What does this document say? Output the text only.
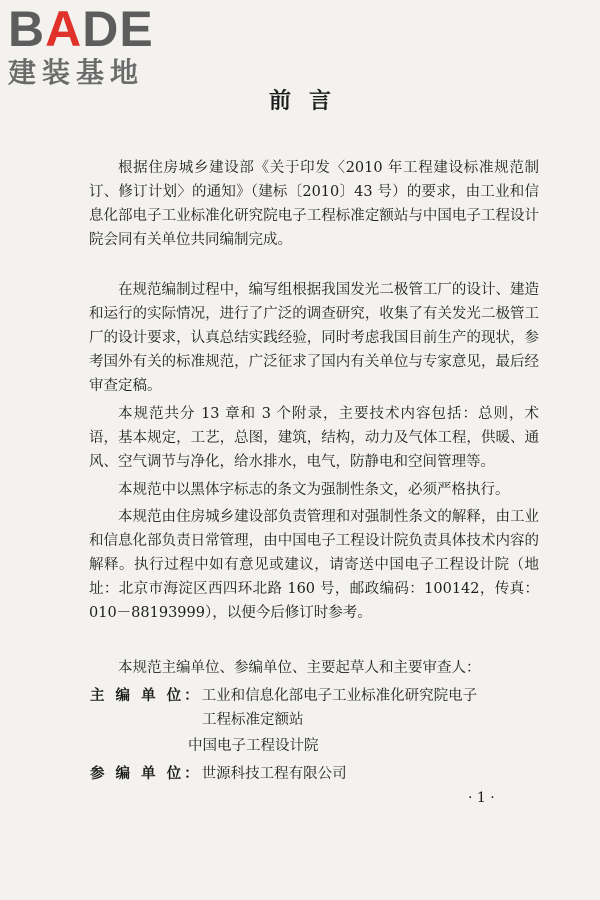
BADE
建装基地
前言

根据住房城乡建设部《关于印发〈2010 年工程建设标准规范制订、修订计划〉的通知》（建标〔2010〕43 号）的要求，由工业和信息化部电子工业标准化研究院电子工程标准定额站与中国电子工程设计院会同有关单位共同编制完成。

在规范编制过程中，编写组根据我国发光二极管工厂的设计、建造和运行的实际情况，进行了广泛的调查研究，收集了有关发光二极管工厂的设计要求，认真总结实践经验，同时考虑我国目前生产的现状，参考国外有关的标准规范，广泛征求了国内有关单位与专家意见，最后经审查定稿。

本规范共分 13 章和 3 个附录，主要技术内容包括：总则，术语，基本规定，工艺，总图，建筑，结构，动力及气体工程，供暖、通风、空气调节与净化，给水排水，电气，防静电和空间管理等。

本规范中以黑体字标志的条文为强制性条文，必须严格执行。

本规范由住房城乡建设部负责管理和对强制性条文的解释，由工业和信息化部负责日常管理，由中国电子工程设计院负责具体技术内容的解释。执行过程中如有意见或建议，请寄送中国电子工程设计院（地址：北京市海淀区西四环北路 160 号，邮政编码：100142，传真：010－88193999），以便今后修订时参考。

本规范主编单位、参编单位、主要起草人和主要审查人：

主 编 单 位：工业和信息化部电子工业标准化研究院电子
工程标准定额站
中国电子工程设计院
参 编 单 位：世源科技工程有限公司
· 1 ·
